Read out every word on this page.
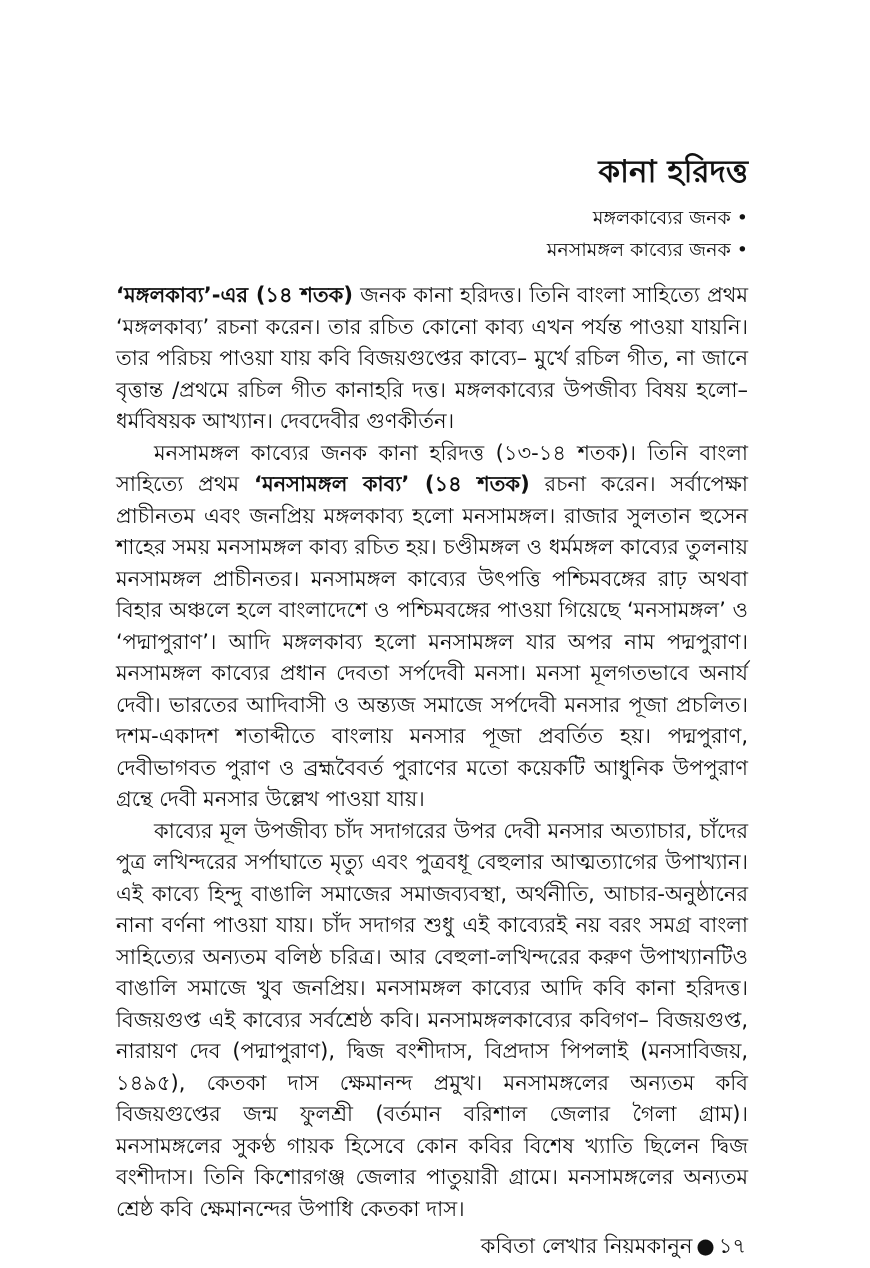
কানা হরিদত্ত

মঙ্গলকাব্যের জনক •

মনসামঙ্গল কাব্যের জনক •

‘মঙ্গলকাব্য’-এর (১৪ শতক) জনক কানা হরিদত্ত। তিনি বাংলা সাহিত্যে প্রথম ‘মঙ্গলকাব্য’ রচনা করেন। তার রচিত কোনো কাব্য এখন পর্যন্ত পাওয়া যায়নি। তার পরিচয় পাওয়া যায় কবি বিজয়গুপ্তের কাব্যে– মুর্খে রচিল গীত, না জানে বৃত্তান্ত /প্রথমে রচিল গীত কানাহরি দত্ত। মঙ্গলকাব্যের উপজীব্য বিষয় হলো– ধর্মবিষয়ক আখ্যান। দেবদেবীর গুণকীর্তন।

মনসামঙ্গল কাব্যের জনক কানা হরিদত্ত (১৩-১৪ শতক)। তিনি বাংলা সাহিত্যে প্রথম ‘মনসামঙ্গল কাব্য’ (১৪ শতক) রচনা করেন। সর্বাপেক্ষা প্রাচীনতম এবং জনপ্রিয় মঙ্গলকাব্য হলো মনসামঙ্গল। রাজার সুলতান হুসেন শাহের সময় মনসামঙ্গল কাব্য রচিত হয়। চণ্ডীমঙ্গল ও ধর্মমঙ্গল কাব্যের তুলনায় মনসামঙ্গল প্রাচীনতর। মনসামঙ্গল কাব্যের উৎপত্তি পশ্চিমবঙ্গের রাঢ় অথবা বিহার অঞ্চলে হলে বাংলাদেশে ও পশ্চিমবঙ্গের পাওয়া গিয়েছে ‘মনসামঙ্গল’ ও ‘পদ্মাপুরাণ’। আদি মঙ্গলকাব্য হলো মনসামঙ্গল যার অপর নাম পদ্মপুরাণ। মনসামঙ্গল কাব্যের প্রধান দেবতা সর্পদেবী মনসা। মনসা মূলগতভাবে অনার্য দেবী। ভারতের আদিবাসী ও অন্ত্যজ সমাজে সর্পদেবী মনসার পূজা প্রচলিত। দশম-একাদশ শতাব্দীতে বাংলায় মনসার পূজা প্রবর্তিত হয়। পদ্মপুরাণ, দেবীভাগবত পুরাণ ও ব্রহ্মবৈবর্ত পুরাণের মতো কয়েকটি আধুনিক উপপুরাণ গ্রন্থে দেবী মনসার উল্লেখ পাওয়া যায়।

কাব্যের মূল উপজীব্য চাঁদ সদাগরের উপর দেবী মনসার অত্যাচার, চাঁদের পুত্র লখিন্দরের সর্পাঘাতে মৃত্যু এবং পুত্রবধূ বেহুলার আত্মত্যাগের উপাখ্যান। এই কাব্যে হিন্দু বাঙালি সমাজের সমাজব্যবস্থা, অর্থনীতি, আচার-অনুষ্ঠানের নানা বর্ণনা পাওয়া যায়। চাঁদ সদাগর শুধু এই কাব্যেরই নয় বরং সমগ্র বাংলা সাহিত্যের অন্যতম বলিষ্ঠ চরিত্র। আর বেহুলা-লখিন্দরের করুণ উপাখ্যানটিও বাঙালি সমাজে খুব জনপ্রিয়। মনসামঙ্গল কাব্যের আদি কবি কানা হরিদত্ত। বিজয়গুপ্ত এই কাব্যের সর্বশ্রেষ্ঠ কবি। মনসামঙ্গলকাব্যের কবিগণ– বিজয়গুপ্ত, নারায়ণ দেব (পদ্মাপুরাণ), দ্বিজ বংশীদাস, বিপ্রদাস পিপলাই (মনসাবিজয়, ১৪৯৫), কেতকা দাস ক্ষেমানন্দ প্রমুখ। মনসামঙ্গলের অন্যতম কবি বিজয়গুপ্তের জন্ম ফুলশ্রী (বর্তমান বরিশাল জেলার গৈলা গ্রাম)। মনসামঙ্গলের সুকণ্ঠ গায়ক হিসেবে কোন কবির বিশেষ খ্যাতি ছিলেন দ্বিজ বংশীদাস। তিনি কিশোরগঞ্জ জেলার পাতুয়ারী গ্রামে। মনসামঙ্গলের অন্যতম শ্রেষ্ঠ কবি ক্ষেমানন্দের উপাধি কেতকা দাস।

কবিতা লেখার নিয়মকানুন ● ১৭
